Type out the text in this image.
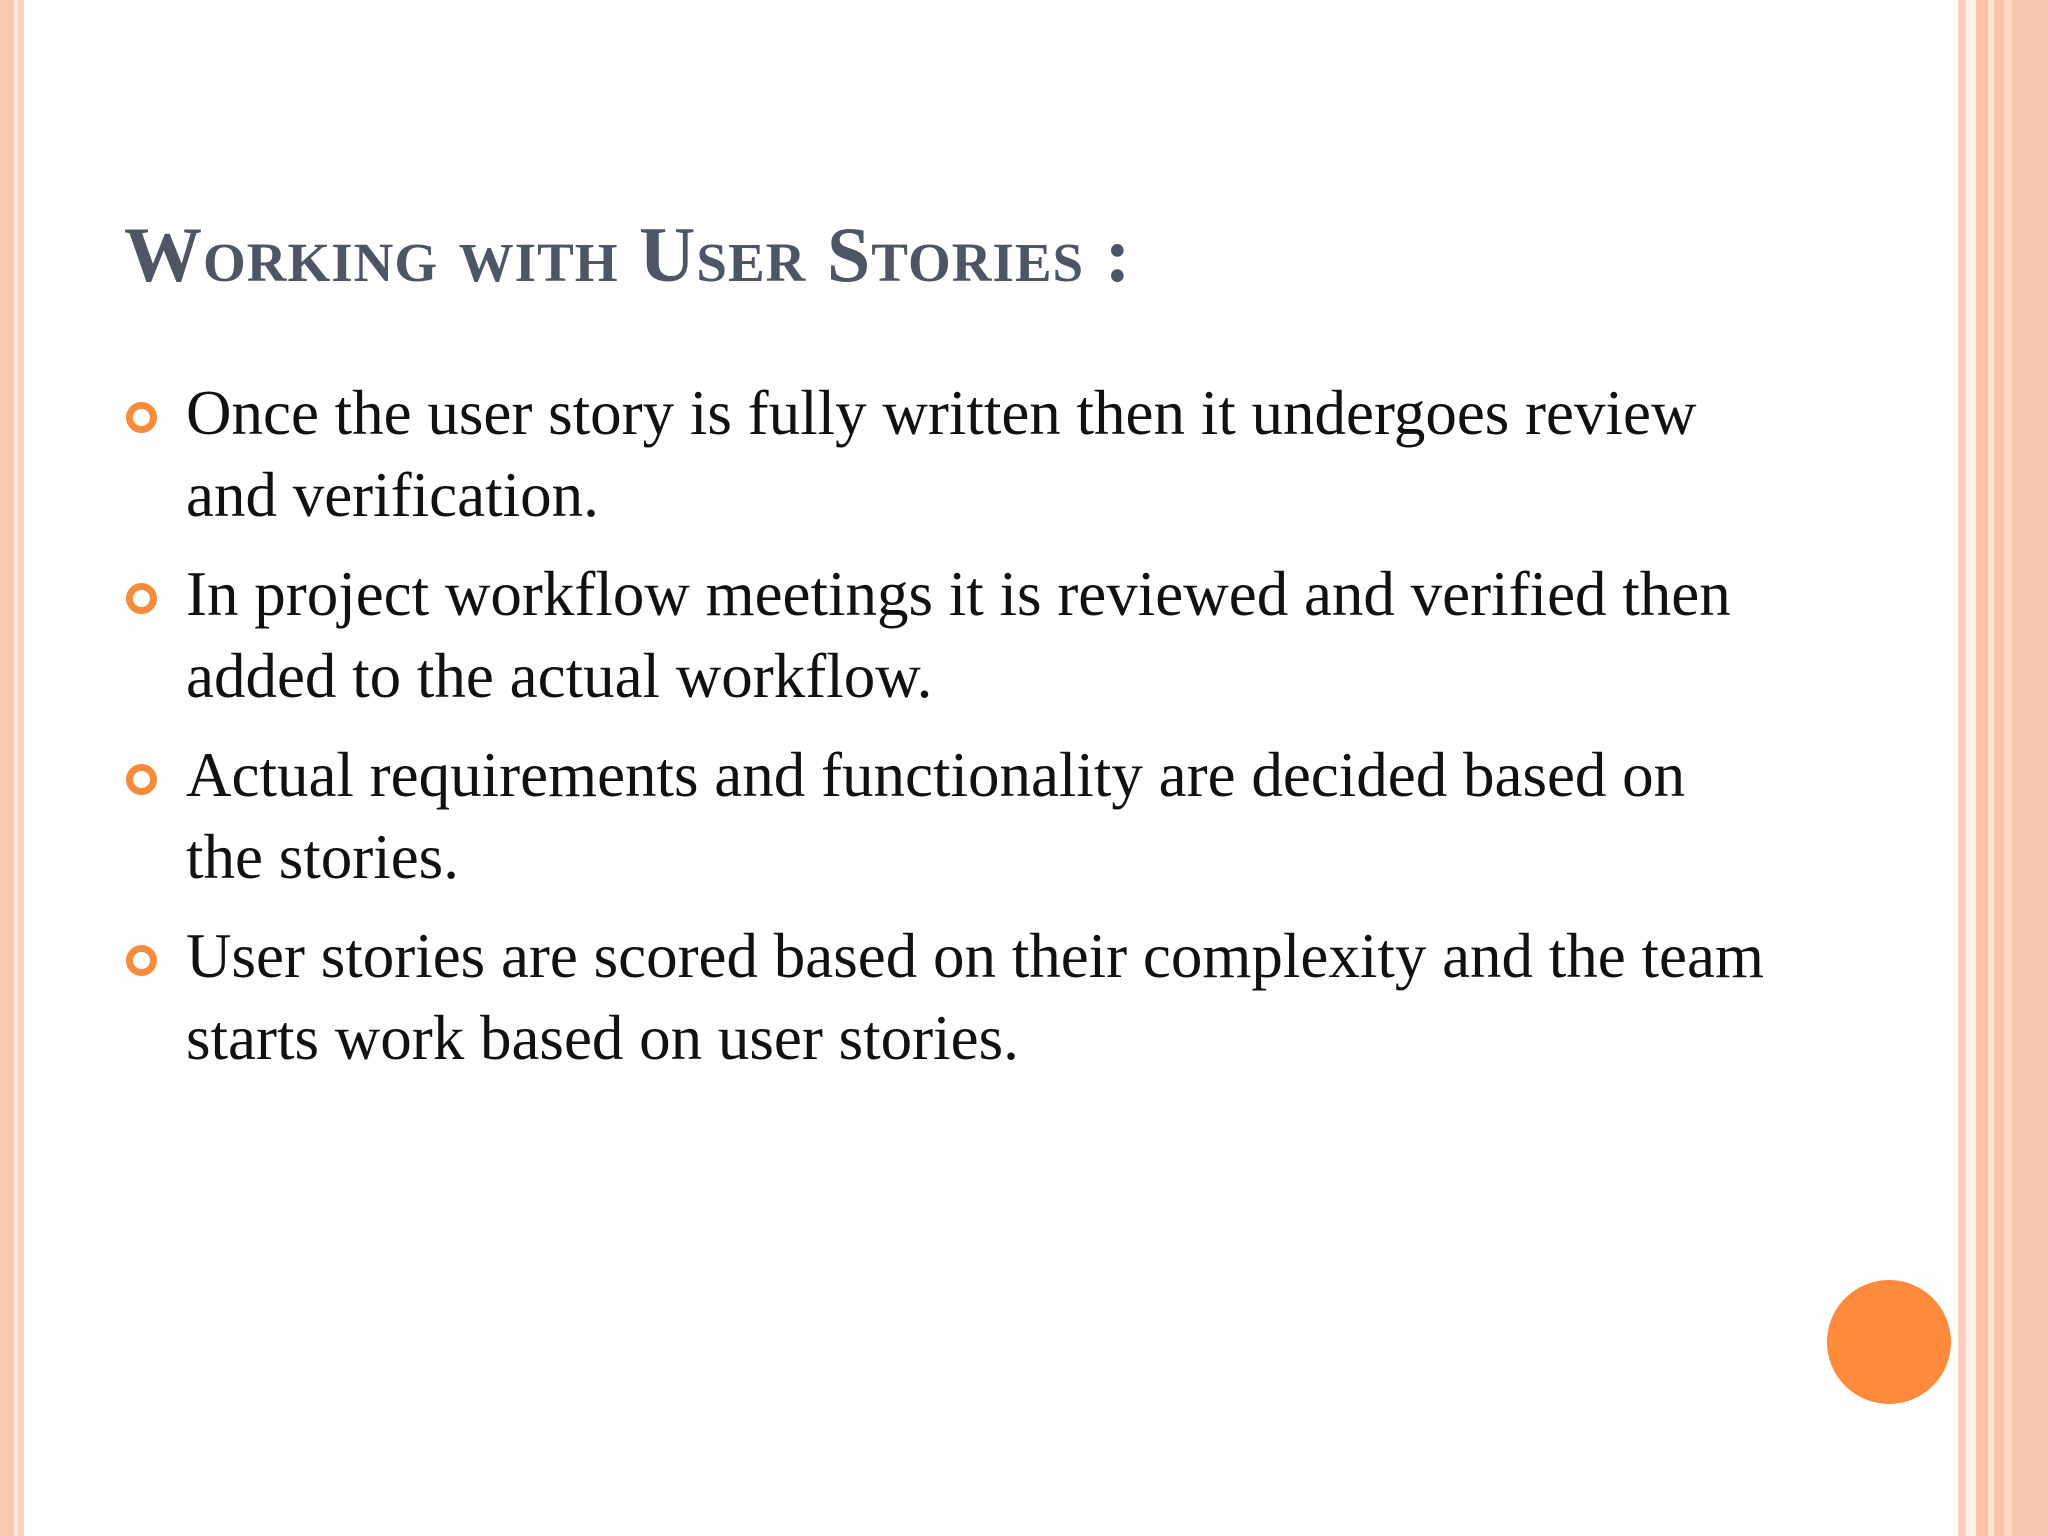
Working with User Stories :
Once the user story is fully written then it undergoes review and verification.
In project workflow meetings it is reviewed and verified then added to the actual workflow.
Actual requirements and functionality are decided based on the stories.
User stories are scored based on their complexity and the team starts work based on user stories.
